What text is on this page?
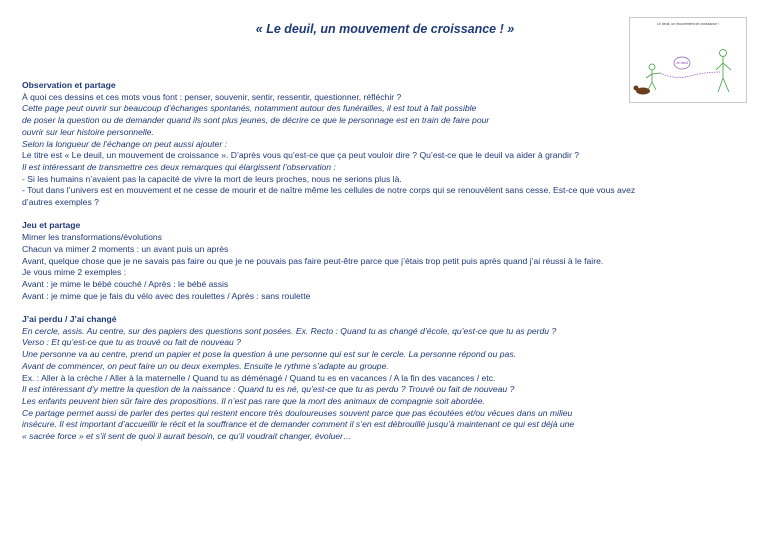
« Le deuil, un mouvement de croissance ! »	Le deuil, un mouvement de croissance !
Je deuil
Observation et partage
À quoi ces dessins et ces mots vous font : penser, souvenir, sentir, ressentir, questionner, réfléchir ?
Cette page peut ouvrir sur beaucoup d’échanges spontanés, notamment autour des funérailles, il est tout à fait possible
de poser la question ou de demander quand ils sont plus jeunes, de décrire ce que le personnage est en train de faire pour
ouvrir sur leur histoire personnelle.
Selon la longueur de l’échange on peut aussi ajouter :
Le titre est « Le deuil, un mouvement de croissance ». D’après vous qu’est-ce que ça peut vouloir dire ? Qu’est-ce que le deuil va aider à grandir ?
Il est intéressant de transmettre ces deux remarques qui élargissent l’observation :
- Si les humains n’avaient pas la capacité de vivre la mort de leurs proches, nous ne serions plus là.
- Tout dans l’univers est en mouvement et ne cesse de mourir et de naître même les cellules de notre corps qui se renouvèlent sans cesse. Est-ce que vous avez
d’autres exemples ?
Jeu et partage
Mimer les transformations/évolutions
Chacun va mimer 2 moments : un avant puis un après
Avant, quelque chose que je ne savais pas faire ou que je ne pouvais pas faire peut-être parce que j’étais trop petit puis après quand j’ai réussi à le faire.
Je vous mime 2 exemples :
Avant : je mime le bébé couché / Après : le bébé assis
Avant : je mime que je fais du vélo avec des roulettes / Après : sans roulette
J’ai perdu / J’ai changé
En cercle, assis. Au centre, sur des papiers des questions sont posées. Ex. Recto : Quand tu as changé d’école, qu’est-ce que tu as perdu ?
Verso : Et qu’est-ce que tu as trouvé ou fait de nouveau ?
Une personne va au centre, prend un papier et pose la question à une personne qui est sur le cercle. La personne répond ou pas.
Avant de commencer, on peut faire un ou deux exemples. Ensuite le rythme s’adapte au groupe.
Ex. : Aller à la crèche / Aller à la maternelle / Quand tu as déménagé / Quand tu es en vacances / A la fin des vacances / etc.
Il est intéressant d’y mettre la question de la naissance : Quand tu es né, qu’est-ce que tu as perdu ? Trouvé ou fait de nouveau ?
Les enfants peuvent bien sûr faire des propositions. Il n’est pas rare que la mort des animaux de compagnie soit abordée.
Ce partage permet aussi de parler des pertes qui restent encore très douloureuses souvent parce que pas écoutées et/ou vécues dans un milieu
insécure. Il est important d’accueillir le récit et la souffrance et de demander comment il s’en est débrouillé jusqu’à maintenant ce qui est déjà une
« sacrée force » et s’il sent de quoi il aurait besoin, ce qu’il voudrait changer, évoluer…
